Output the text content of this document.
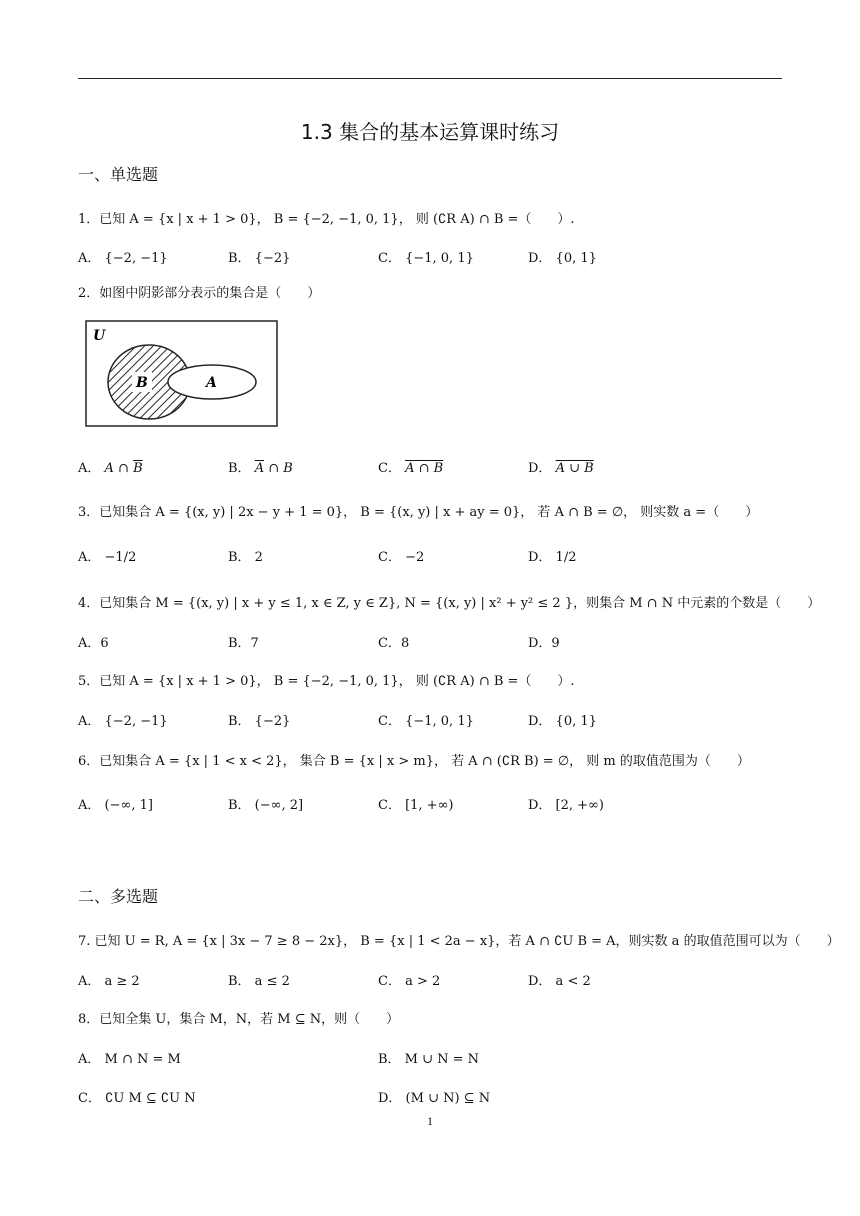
1.3 集合的基本运算课时练习
一、单选题
1．已知 A = {x | x + 1 > 0}， B = {−2, −1, 0, 1}， 则 (∁R A) ∩ B =（　　）.
A． {−2, −1}	B． {−2}	C． {−1, 0, 1}	D． {0, 1}
2．如图中阴影部分表示的集合是（　　）
U
B	A
A． A ∩ $\overline{B}$	B． $\overline{A}$ ∩ B	C． A ∩ B	D． A ∪ B
3．已知集合 A = {(x, y) | 2x − y + 1 = 0}， B = {(x, y) | x + ay = 0}， 若 A ∩ B = ∅， 则实数 a =（　　）
A． −1/2	B． 2	C． −2	D． 1/2
4．已知集合 M = {(x, y) | x + y ≤ 1, x ∈ Z, y ∈ Z}, N = {(x, y) | x² + y² ≤ 2 }，则集合 M ∩ N 中元素的个数是（　　）
A．6	B．7	C．8	D．9
5．已知 A = {x | x + 1 > 0}， B = {−2, −1, 0, 1}， 则 (∁R A) ∩ B =（　　）.
A． {−2, −1}	B． {−2}	C． {−1, 0, 1}	D． {0, 1}
6．已知集合 A = {x | 1 < x < 2}， 集合 B = {x | x > m}， 若 A ∩ (∁R B) = ∅， 则 m 的取值范围为（　　）
A． (−∞, 1]	B． (−∞, 2]	C． [1, +∞)	D． [2, +∞)
二、多选题
7. 已知 U = R, A = {x | 3x − 7 ≥ 8 − 2x}， B = {x | 1 < 2a − x}，若 A ∩ ∁U B = A，则实数 a 的取值范围可以为（　　）
A． a ≥ 2	B． a ≤ 2	C． a > 2	D． a < 2
8．已知全集 U，集合 M，N，若 M ⊆ N，则（　　）
A． M ∩ N = M	B． M ∪ N = N
C． ∁U M ⊆ ∁U N	D． (M ∪ N) ⊆ N
1
